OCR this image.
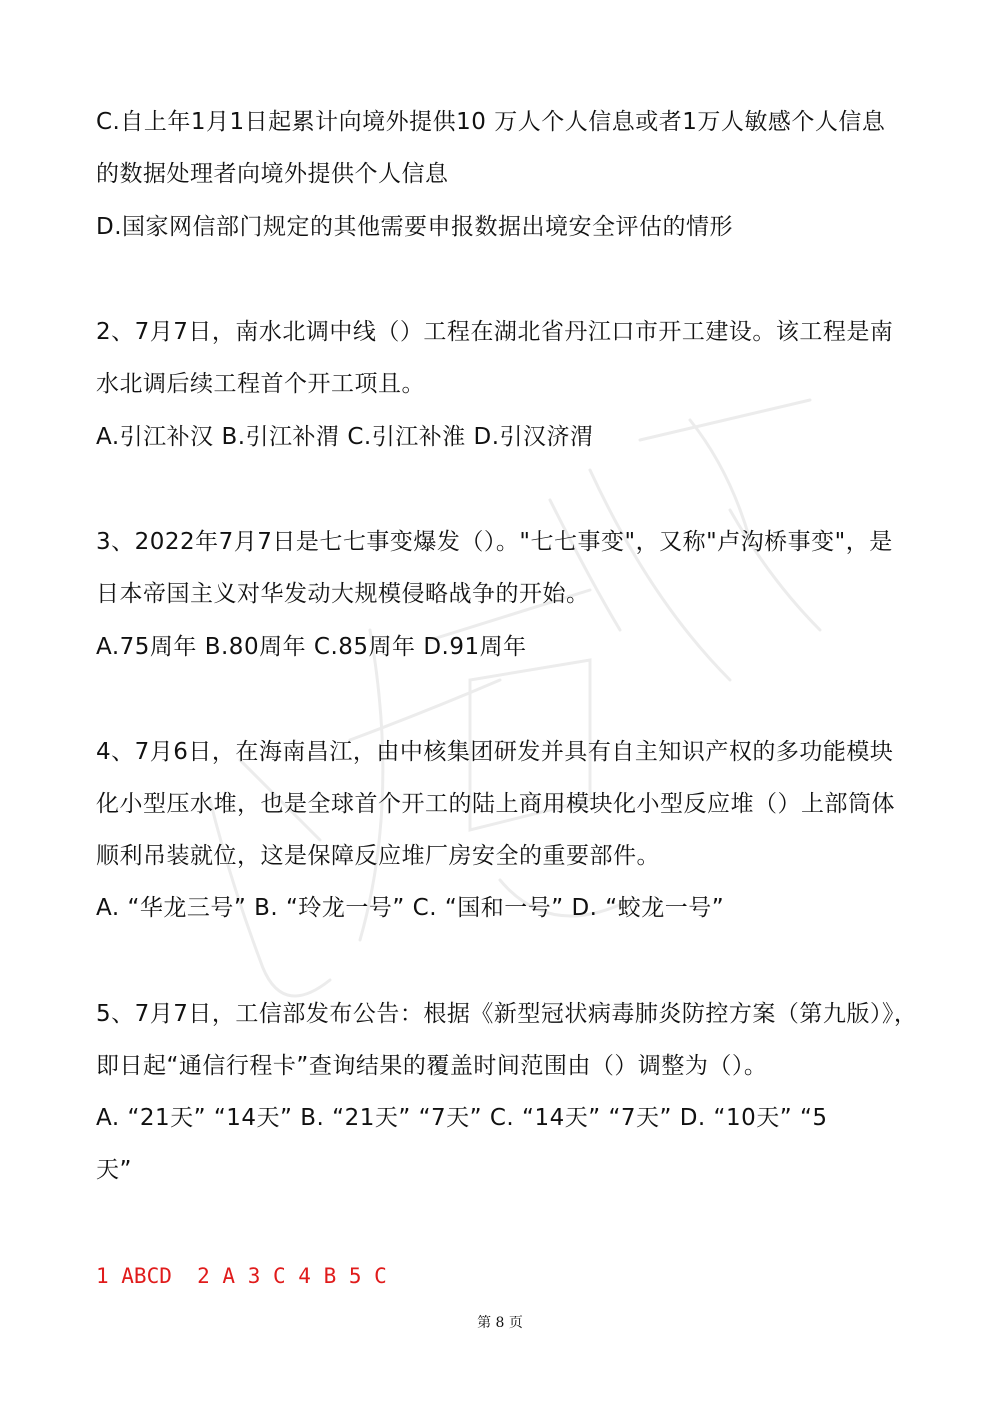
C.自上年1月1日起累计向境外提供10 万人个人信息或者1万人敏感个人信息
的数据处理者向境外提供个人信息
D.国家网信部门规定的其他需要申报数据出境安全评估的情形
2、7月7日，南水北调中线（）工程在湖北省丹江口市开工建设。该工程是南
水北调后续工程首个开工项且。
A.引江补汉 B.引江补渭 C.引江补淮 D.引汉济渭
3、2022年7月7日是七七事变爆发（）。"七七事变"，又称"卢沟桥事变"，是
日本帝国主义对华发动大规模侵略战争的开始。
A.75周年 B.80周年 C.85周年 D.91周年
4、7月6日，在海南昌江，由中核集团研发并具有自主知识产权的多功能模块
化小型压水堆，也是全球首个开工的陆上商用模块化小型反应堆（）上部筒体
顺利吊装就位，这是保障反应堆厂房安全的重要部件。
A. “华龙三号” B. “玲龙一号” C. “国和一号” D. “蛟龙一号”
5、7月7日，工信部发布公告：根据《新型冠状病毒肺炎防控方案（第九版）》，
即日起“通信行程卡”查询结果的覆盖时间范围由（）调整为（）。
A. “21天” “14天” B. “21天” “7天” C. “14天” “7天” D. “10天” “5
天”
1 ABCD  2 A 3 C 4 B 5 C
第 8 页
